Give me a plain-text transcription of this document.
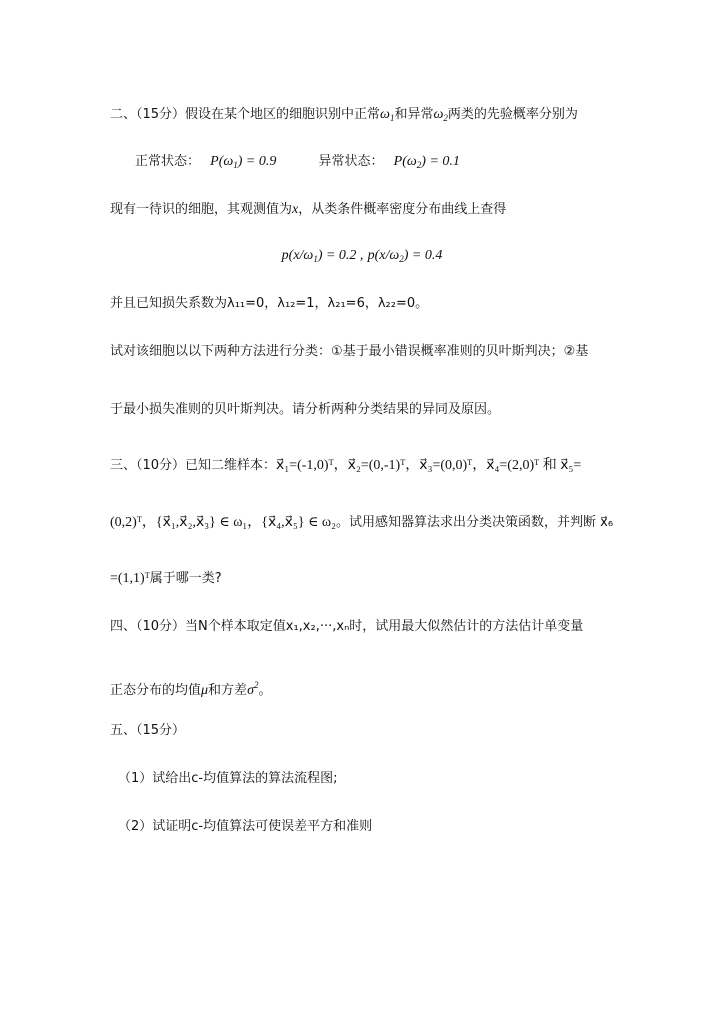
二、（15分）假设在某个地区的细胞识别中正常$\omega_1$和异常$\omega_2$两类的先验概率分别为
正常状态： $P(\omega_1) = 0.9$	异常状态： $P(\omega_2) = 0.1$
现有一待识的细胞，其观测值为x，从类条件概率密度分布曲线上查得
$p(x/\omega_1) = 0.2$ , $p(x/\omega_2) = 0.4$
并且已知损失系数为λ₁₁=0，λ₁₂=1，λ₂₁=6，λ₂₂=0。
试对该细胞以以下两种方法进行分类：①基于最小错误概率准则的贝叶斯判决；②基
于最小损失准则的贝叶斯判决。请分析两种分类结果的异同及原因。
三、（10分）已知二维样本：x⃗₁=(-1,0)ᵀ，x⃗₂=(0,-1)ᵀ，x⃗₃=(0,0)ᵀ，x⃗₄=(2,0)ᵀ 和 x⃗₅=
(0,2)ᵀ，{x⃗₁,x⃗₂,x⃗₃} ∈ ω₁，{x⃗₄,x⃗₅} ∈ ω₂。试用感知器算法求出分类决策函数，并判断 x⃗₆
=(1,1)ᵀ属于哪一类?
四、（10分）当N个样本取定值x₁,x₂,···,xₙ时，试用最大似然估计的方法估计单变量
正态分布的均值μ和方差$\sigma^2$。
五、（15分）
（1）试给出c-均值算法的算法流程图;
（2）试证明c-均值算法可使误差平方和准则
